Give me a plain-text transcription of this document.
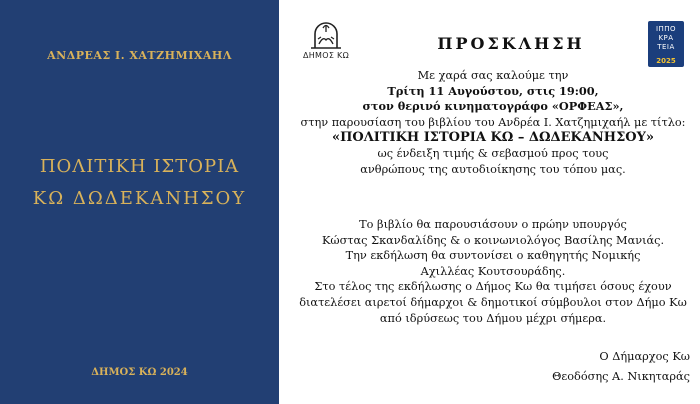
ΑΝΔΡΕΑΣ Ι. ΧΑΤΖΗΜΙΧΑΗΛ
ΠΟΛΙΤΙΚΗ ΙΣΤΟΡΙΑ
ΚΩ ΔΩΔΕΚΑΝΗΣΟΥ
ΔΗΜΟΣ ΚΩ 2024
ΔΗΜΟΣ ΚΩ
ΙΠΠΟ
ΚΡΑ
ΤΕΙΑ
2025
ΠΡΟΣΚΛΗΣΗ
Με χαρά σας καλούμε την
Τρίτη 11 Αυγούστου, στις 19:00,
στον θερινό κινηματογράφο «ΟΡΦΕΑΣ»,
στην παρουσίαση του βιβλίου του Ανδρέα Ι. Χατζημιχαήλ με τίτλο:
«ΠΟΛΙΤΙΚΗ ΙΣΤΟΡΙΑ ΚΩ – ΔΩΔΕΚΑΝΗΣΟΥ»
ως ένδειξη τιμής & σεβασμού προς τους
ανθρώπους της αυτοδιοίκησης του τόπου μας.
Το βιβλίο θα παρουσιάσουν ο πρώην υπουργός
Κώστας Σκανδαλίδης & ο κοινωνιολόγος Βασίλης Μανιάς.
Την εκδήλωση θα συντονίσει ο καθηγητής Νομικής
Αχιλλέας Κουτσουράδης.
Στο τέλος της εκδήλωσης ο Δήμος Κω θα τιμήσει όσους έχουν
διατελέσει αιρετοί δήμαρχοι & δημοτικοί σύμβουλοι στον Δήμο Κω
από ιδρύσεως του Δήμου μέχρι σήμερα.
Ο Δήμαρχος Κω
Θεοδόσης Α. Νικηταράς
